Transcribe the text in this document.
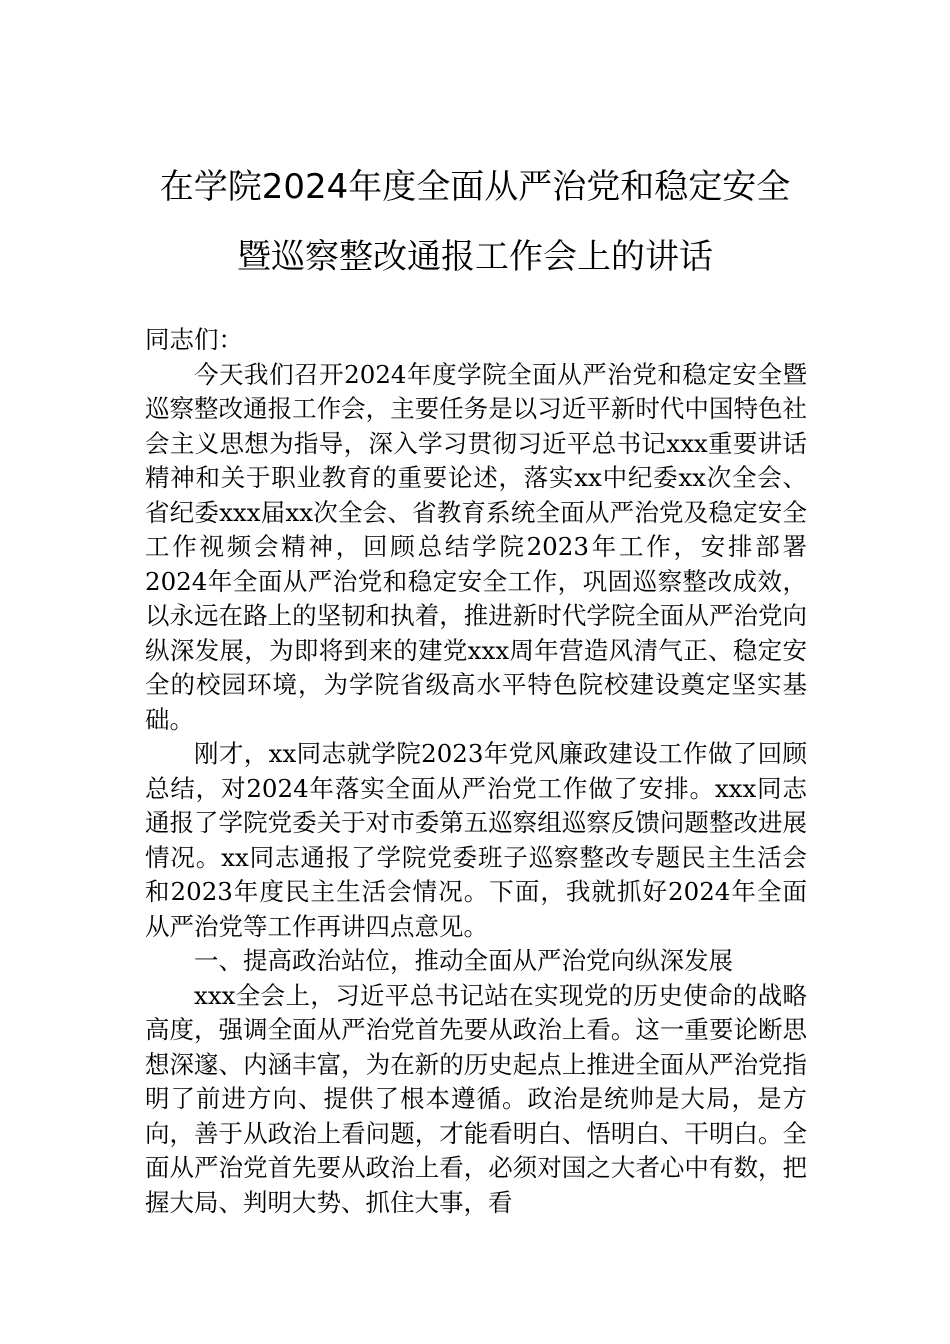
在学院2024年度全面从严治党和稳定安全
暨巡察整改通报工作会上的讲话

同志们：

今天我们召开2024年度学院全面从严治党和稳定安全暨巡察整改通报工作会，主要任务是以习近平新时代中国特色社会主义思想为指导，深入学习贯彻习近平总书记xxx重要讲话精神和关于职业教育的重要论述，落实xx中纪委xx次全会、省纪委xxx届xx次全会、省教育系统全面从严治党及稳定安全工作视频会精神，回顾总结学院2023年工作，安排部署2024年全面从严治党和稳定安全工作，巩固巡察整改成效，以永远在路上的坚韧和执着，推进新时代学院全面从严治党向纵深发展，为即将到来的建党xxx周年营造风清气正、稳定安全的校园环境，为学院省级高水平特色院校建设奠定坚实基础。

刚才，xx同志就学院2023年党风廉政建设工作做了回顾总结，对2024年落实全面从严治党工作做了安排。xxx同志通报了学院党委关于对市委第五巡察组巡察反馈问题整改进展情况。xx同志通报了学院党委班子巡察整改专题民主生活会和2023年度民主生活会情况。下面，我就抓好2024年全面从严治党等工作再讲四点意见。

一、提高政治站位，推动全面从严治党向纵深发展

xxx全会上，习近平总书记站在实现党的历史使命的战略高度，强调全面从严治党首先要从政治上看。这一重要论断思想深邃、内涵丰富，为在新的历史起点上推进全面从严治党指明了前进方向、提供了根本遵循。政治是统帅是大局，是方向，善于从政治上看问题，才能看明白、悟明白、干明白。全面从严治党首先要从政治上看，必须对国之大者心中有数，把握大局、判明大势、抓住大事，看
